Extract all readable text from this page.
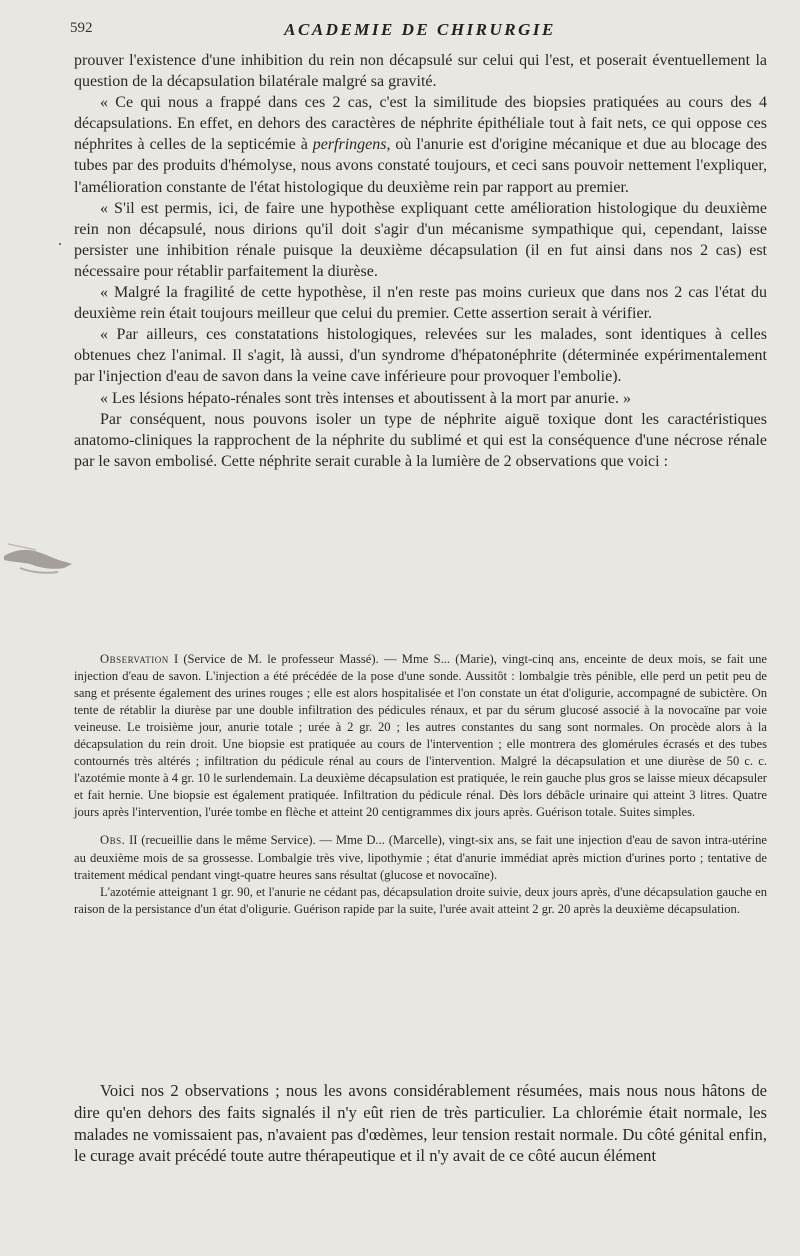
592	ACADEMIE DE CHIRURGIE
.

prouver l'existence d'une inhibition du rein non décapsulé sur celui qui l'est, et poserait éventuellement la question de la décapsulation bilatérale malgré sa gravité.

« Ce qui nous a frappé dans ces 2 cas, c'est la similitude des biopsies pratiquées au cours des 4 décapsulations. En effet, en dehors des caractères de néphrite épithéliale tout à fait nets, ce qui oppose ces néphrites à celles de la septicémie à perfringens, où l'anurie est d'origine mécanique et due au blocage des tubes par des produits d'hémolyse, nous avons constaté toujours, et ceci sans pouvoir nettement l'expliquer, l'amélioration constante de l'état histologique du deuxième rein par rapport au premier.

« S'il est permis, ici, de faire une hypothèse expliquant cette amélioration histologique du deuxième rein non décapsulé, nous dirions qu'il doit s'agir d'un mécanisme sympathique qui, cependant, laisse persister une inhibition rénale puisque la deuxième décapsulation (il en fut ainsi dans nos 2 cas) est nécessaire pour rétablir parfaitement la diurèse.

« Malgré la fragilité de cette hypothèse, il n'en reste pas moins curieux que dans nos 2 cas l'état du deuxième rein était toujours meilleur que celui du premier. Cette assertion serait à vérifier.

« Par ailleurs, ces constatations histologiques, relevées sur les malades, sont identiques à celles obtenues chez l'animal. Il s'agit, là aussi, d'un syndrome d'hépatonéphrite (déterminée expérimentalement par l'injection d'eau de savon dans la veine cave inférieure pour provoquer l'embolie).

« Les lésions hépato-rénales sont très intenses et aboutissent à la mort par anurie. »

Par conséquent, nous pouvons isoler un type de néphrite aiguë toxique dont les caractéristiques anatomo-cliniques la rapprochent de la néphrite du sublimé et qui est la conséquence d'une nécrose rénale par le savon embolisé. Cette néphrite serait curable à la lumière de 2 observations que voici :

Observation I (Service de M. le professeur Massé). — Mme S... (Marie), vingt-cinq ans, enceinte de deux mois, se fait une injection d'eau de savon. L'injection a été précédée de la pose d'une sonde. Aussitôt : lombalgie très pénible, elle perd un petit peu de sang et présente également des urines rouges ; elle est alors hospitalisée et l'on constate un état d'oligurie, accompagné de subictère. On tente de rétablir la diurèse par une double infiltration des pédicules rénaux, et par du sérum glucosé associé à la novocaïne par voie veineuse. Le troisième jour, anurie totale ; urée à 2 gr. 20 ; les autres constantes du sang sont normales. On procède alors à la décapsulation du rein droit. Une biopsie est pratiquée au cours de l'intervention ; elle montrera des glomérules écrasés et des tubes contournés très altérés ; infiltration du pédicule rénal au cours de l'intervention. Malgré la décapsulation et une diurèse de 50 c. c. l'azotémie monte à 4 gr. 10 le surlendemain. La deuxième décapsulation est pratiquée, le rein gauche plus gros se laisse mieux décapsuler et fait hernie. Une biopsie est également pratiquée. Infiltration du pédicule rénal. Dès lors débâcle urinaire qui atteint 3 litres. Quatre jours après l'intervention, l'urée tombe en flèche et atteint 20 centigrammes dix jours après. Guérison totale. Suites simples.

Obs. II (recueillie dans le même Service). — Mme D... (Marcelle), vingt-six ans, se fait une injection d'eau de savon intra-utérine au deuxième mois de sa grossesse. Lombalgie très vive, lipothymie ; état d'anurie immédiat après miction d'urines porto ; tentative de traitement médical pendant vingt-quatre heures sans résultat (glucose et novocaïne).

L'azotémie atteignant 1 gr. 90, et l'anurie ne cédant pas, décapsulation droite suivie, deux jours après, d'une décapsulation gauche en raison de la persistance d'un état d'oligurie. Guérison rapide par la suite, l'urée avait atteint 2 gr. 20 après la deuxième décapsulation.

Voici nos 2 observations ; nous les avons considérablement résumées, mais nous nous hâtons de dire qu'en dehors des faits signalés il n'y eût rien de très particulier. La chlorémie était normale, les malades ne vomissaient pas, n'avaient pas d'œdèmes, leur tension restait normale. Du côté génital enfin, le curage avait précédé toute autre thérapeutique et il n'y avait de ce côté aucun élément
